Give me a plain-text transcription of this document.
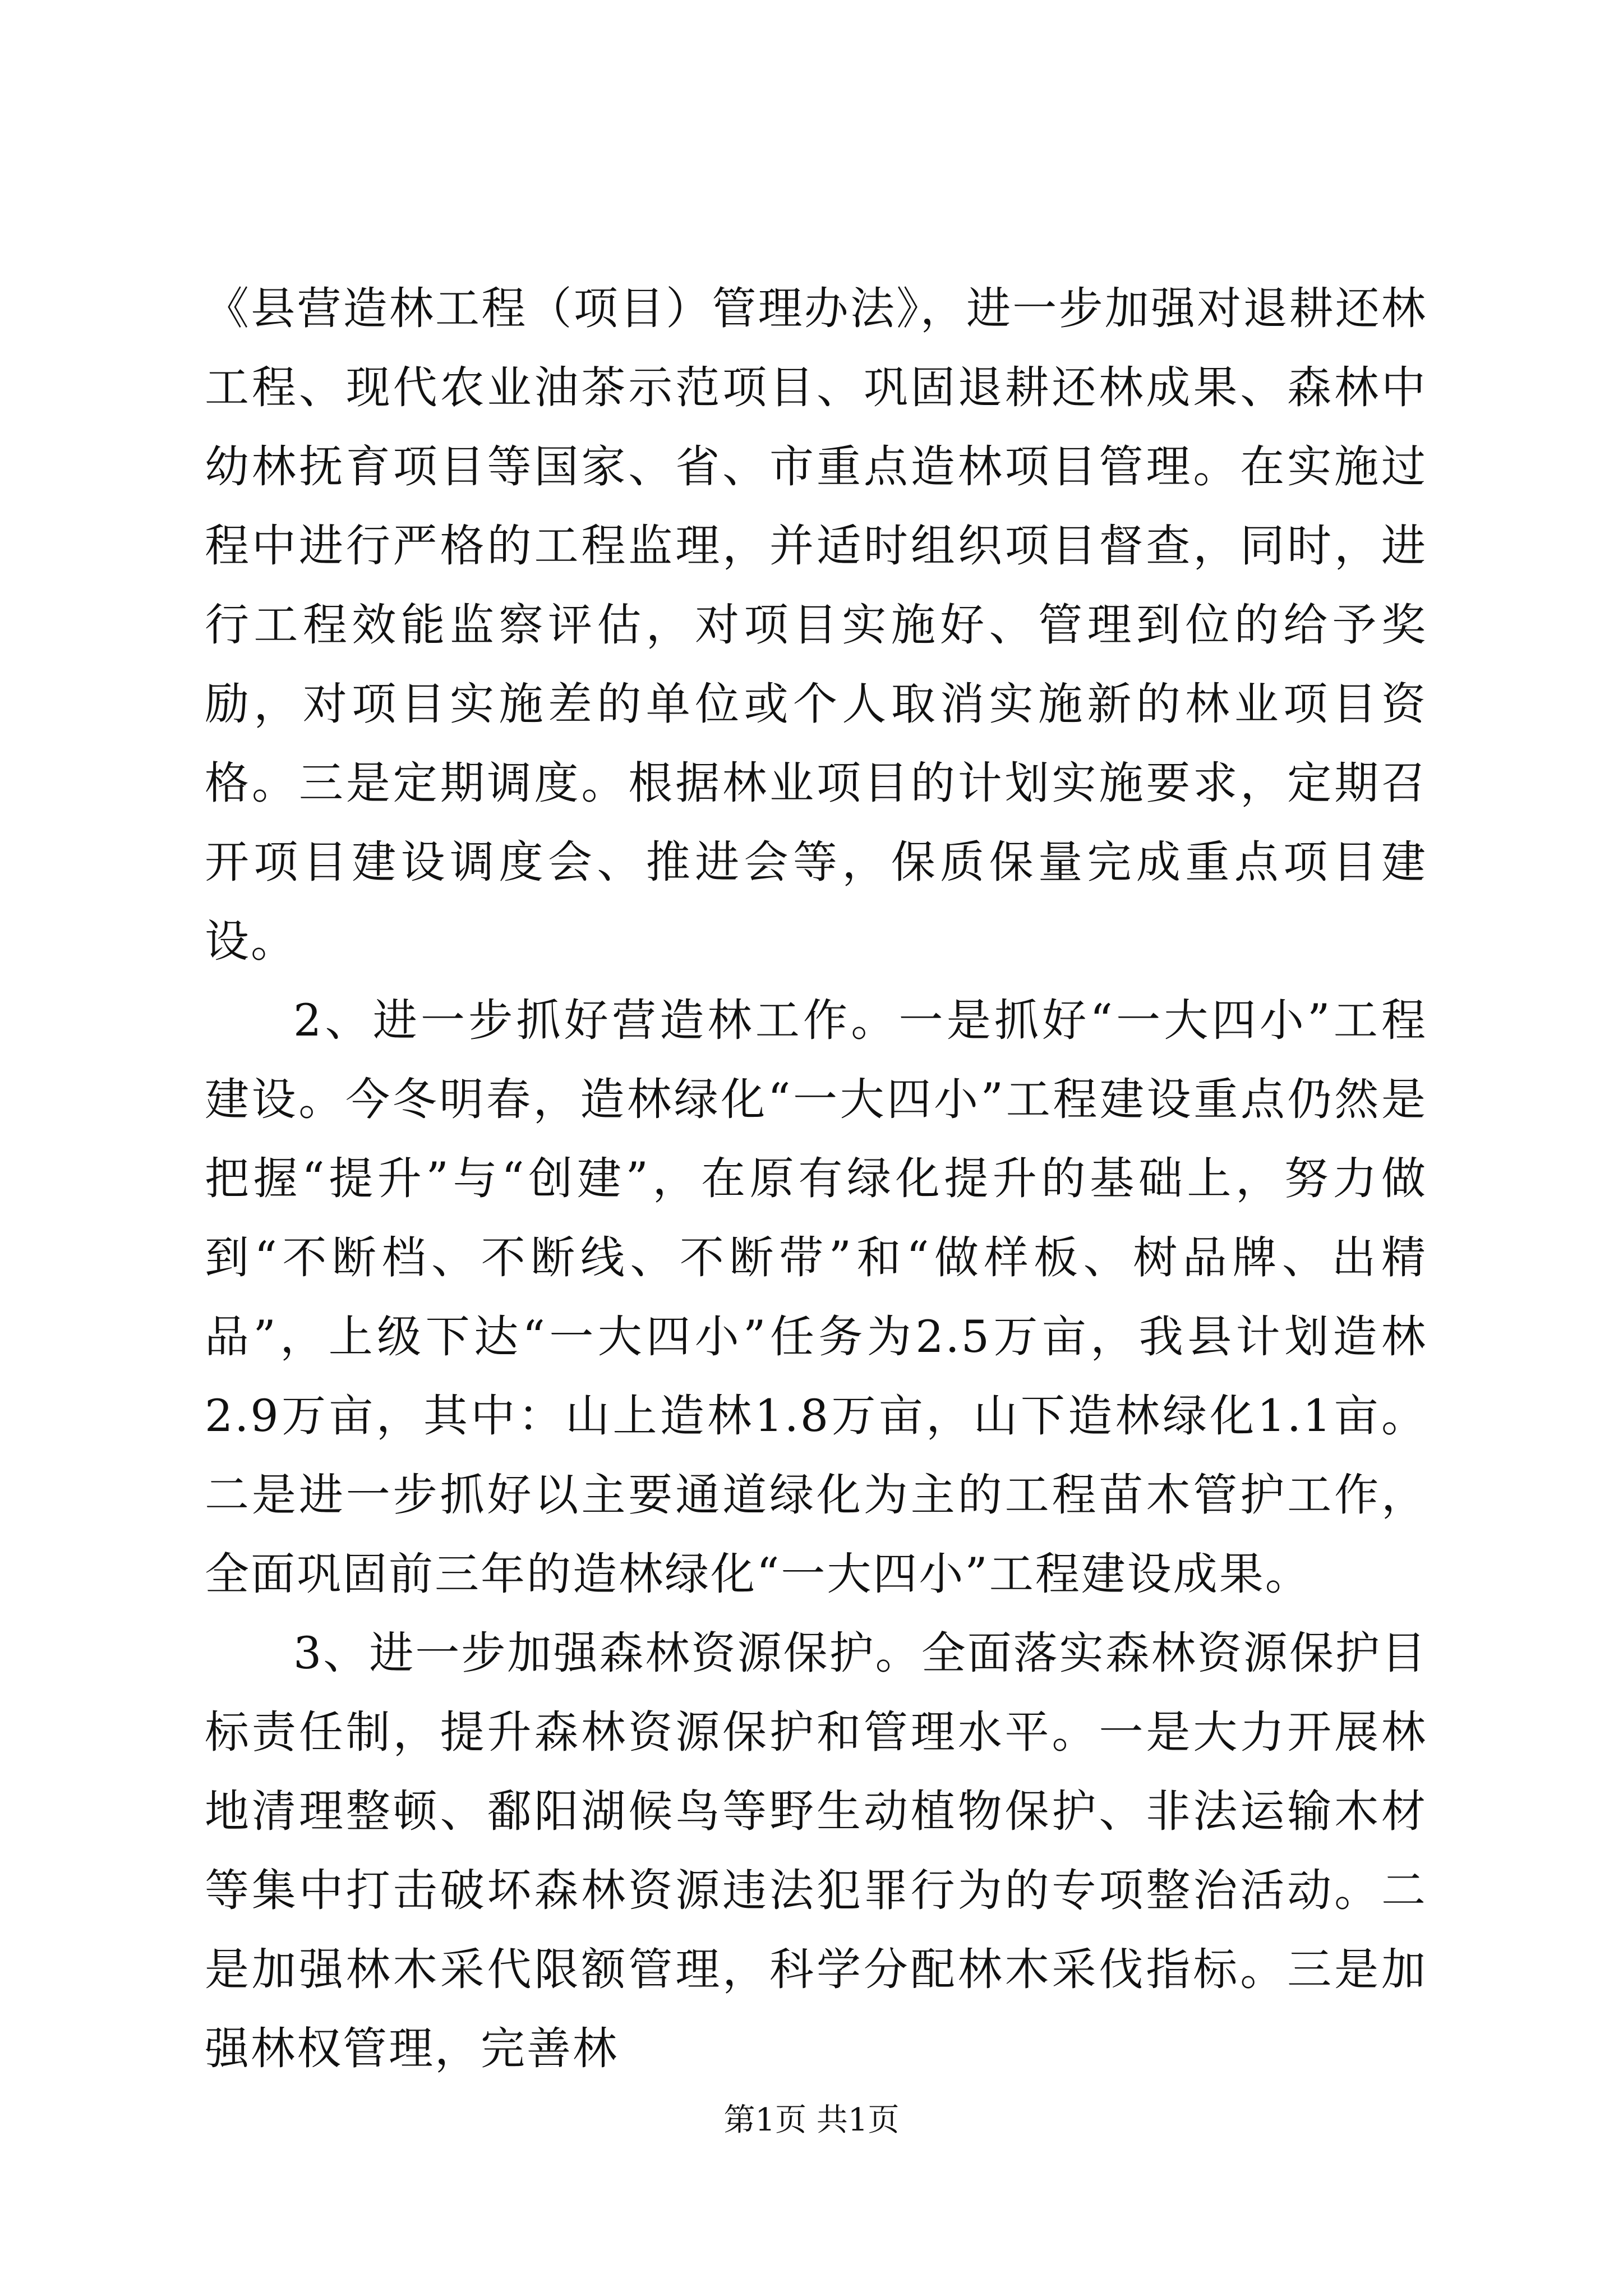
《县营造林工程（项目）管理办法》，进一步加强对退耕还林工程、现代农业油茶示范项目、巩固退耕还林成果、森林中幼林抚育项目等国家、省、市重点造林项目管理。在实施过程中进行严格的工程监理，并适时组织项目督查，同时，进行工程效能监察评估，对项目实施好、管理到位的给予奖励，对项目实施差的单位或个人取消实施新的林业项目资格。三是定期调度。根据林业项目的计划实施要求，定期召开项目建设调度会、推进会等，保质保量完成重点项目建设。

2、进一步抓好营造林工作。一是抓好“一大四小”工程建设。今冬明春，造林绿化“一大四小”工程建设重点仍然是把握“提升”与“创建”，在原有绿化提升的基础上，努力做到“不断档、不断线、不断带”和“做样板、树品牌、出精品”，上级下达“一大四小”任务为2.5万亩，我县计划造林2.9万亩，其中：山上造林1.8万亩，山下造林绿化1.1亩。二是进一步抓好以主要通道绿化为主的工程苗木管护工作，全面巩固前三年的造林绿化“一大四小”工程建设成果。

3、进一步加强森林资源保护。全面落实森林资源保护目标责任制，提升森林资源保护和管理水平。一是大力开展林地清理整顿、鄱阳湖候鸟等野生动植物保护、非法运输木材等集中打击破坏森林资源违法犯罪行为的专项整治活动。二是加强林木采代限额管理，科学分配林木采伐指标。三是加强林权管理，完善林

第1页 共1页
